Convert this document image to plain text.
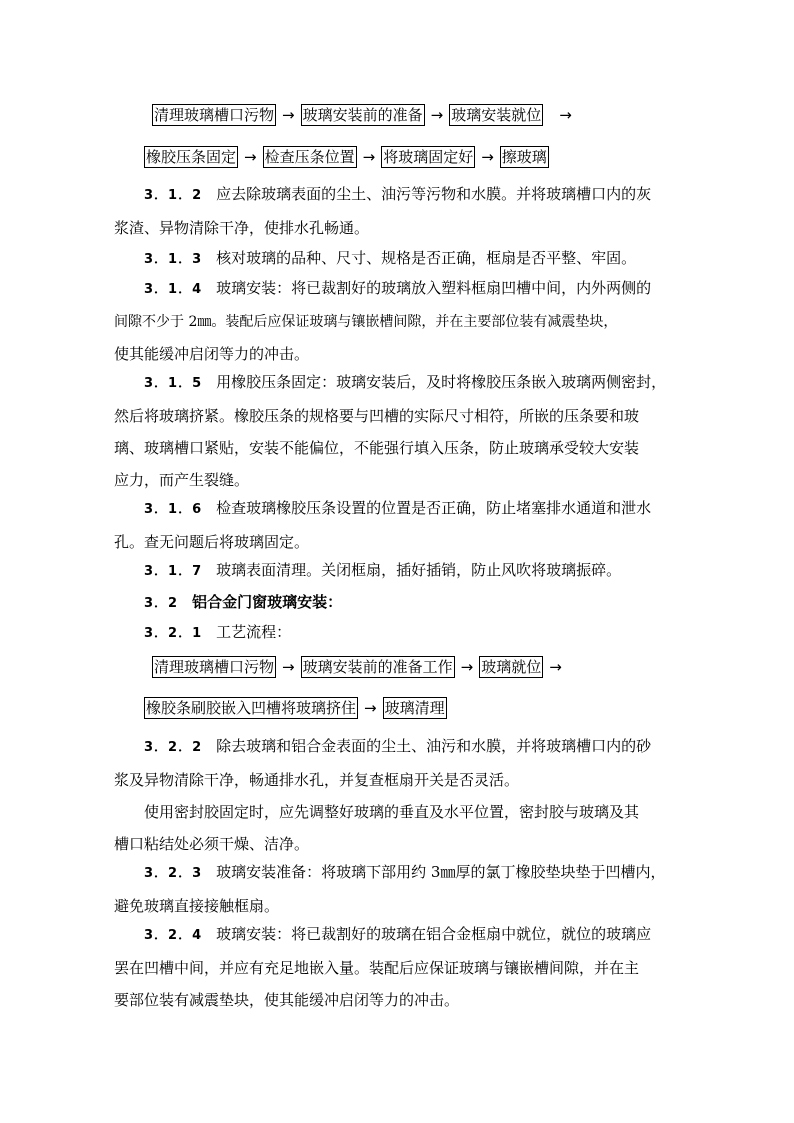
清理玻璃槽口污物 → 玻璃安装前的准备 → 玻璃安装就位 →
橡胶压条固定 → 检查压条位置 → 将玻璃固定好 → 擦玻璃
3．1．2 应去除玻璃表面的尘土、油污等污物和水膜。并将玻璃槽口内的灰
浆渣、异物清除干净，使排水孔畅通。
3．1．3 核对玻璃的品种、尺寸、规格是否正确，框扇是否平整、牢固。
3．1．4 玻璃安装：将已裁割好的玻璃放入塑料框扇凹槽中间，内外两侧的
间隙不少于 2㎜。装配后应保证玻璃与镶嵌槽间隙，并在主要部位装有减震垫块，
使其能缓冲启闭等力的冲击。
3．1．5 用橡胶压条固定：玻璃安装后，及时将橡胶压条嵌入玻璃两侧密封，
然后将玻璃挤紧。橡胶压条的规格要与凹槽的实际尺寸相符，所嵌的压条要和玻
璃、玻璃槽口紧贴，安装不能偏位，不能强行填入压条，防止玻璃承受较大安装
应力，而产生裂缝。
3．1．6 检查玻璃橡胶压条设置的位置是否正确，防止堵塞排水通道和泄水
孔。查无问题后将玻璃固定。
3．1．7 玻璃表面清理。关闭框扇，插好插销，防止风吹将玻璃振碎。
3．2 铝合金门窗玻璃安装：
3．2．1 工艺流程：
清理玻璃槽口污物 → 玻璃安装前的准备工作 → 玻璃就位 →
橡胶条刷胶嵌入凹槽将玻璃挤住 → 玻璃清理
3．2．2 除去玻璃和铝合金表面的尘土、油污和水膜，并将玻璃槽口内的砂
浆及异物清除干净，畅通排水孔，并复查框扇开关是否灵活。
使用密封胶固定时，应先调整好玻璃的垂直及水平位置，密封胶与玻璃及其
槽口粘结处必须干燥、洁净。
3．2．3 玻璃安装准备：将玻璃下部用约 3㎜厚的氯丁橡胶垫块垫于凹槽内，
避免玻璃直接接触框扇。
3．2．4 玻璃安装：将已裁割好的玻璃在铝合金框扇中就位，就位的玻璃应
罢在凹槽中间，并应有充足地嵌入量。装配后应保证玻璃与镶嵌槽间隙，并在主
要部位装有减震垫块，使其能缓冲启闭等力的冲击。
